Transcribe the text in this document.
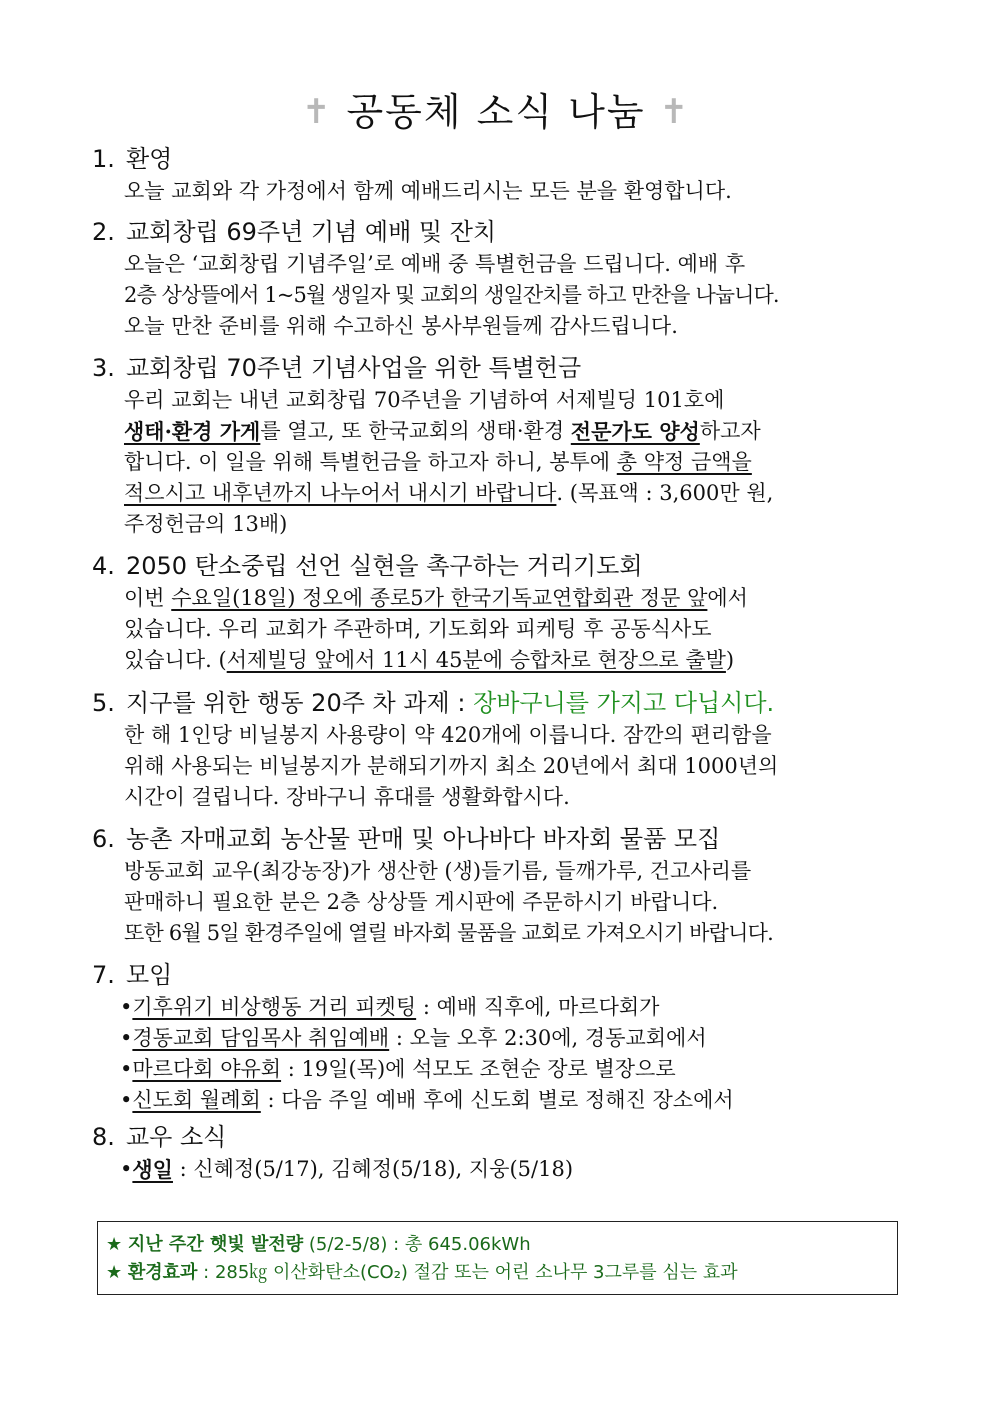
✝ 공동체 소식 나눔 ✝
1. 환영
오늘 교회와 각 가정에서 함께 예배드리시는 모든 분을 환영합니다.
2. 교회창립 69주년 기념 예배 및 잔치
오늘은 ‘교회창립 기념주일’로 예배 중 특별헌금을 드립니다. 예배 후
2층 상상뜰에서 1~5월 생일자 및 교회의 생일잔치를 하고 만찬을 나눕니다.
오늘 만찬 준비를 위해 수고하신 봉사부원들께 감사드립니다.
3. 교회창립 70주년 기념사업을 위한 특별헌금
우리 교회는 내년 교회창립 70주년을 기념하여 서제빌딩 101호에
생태·환경 가게 를 열고, 또 한국교회의 생태·환경 전문가도 양성 하고자
합니다. 이 일을 위해 특별헌금을 하고자 하니, 봉투에 총 약정 금액을
적으시고 내후년까지 나누어서 내시기 바랍니다 . (목표액 : 3,600만 원,
주정헌금의 13배)
4. 2050 탄소중립 선언 실현을 촉구하는 거리기도회
이번 수요일(18일) 정오에 종로5가 한국기독교연합회관 정문 앞 에서
있습니다. 우리 교회가 주관하며, 기도회와 피케팅 후 공동식사도
있습니다. ( 서제빌딩 앞에서 11시 45분에 승합차로 현장으로 출발 )
5. 지구를 위한 행동 20주 차 과제 : 장바구니를 가지고 다닙시다.
한 해 1인당 비닐봉지 사용량이 약 420개에 이릅니다. 잠깐의 편리함을
위해 사용되는 비닐봉지가 분해되기까지 최소 20년에서 최대 1000년의
시간이 걸립니다. 장바구니 휴대를 생활화합시다.
6. 농촌 자매교회 농산물 판매 및 아나바다 바자회 물품 모집
방동교회 교우(최강농장)가 생산한 (생)들기름, 들깨가루, 건고사리를
판매하니 필요한 분은 2층 상상뜰 게시판에 주문하시기 바랍니다.
또한 6월 5일 환경주일에 열릴 바자회 물품을 교회로 가져오시기 바랍니다.
7. 모임
• 기후위기 비상행동 거리 피켓팅 : 예배 직후에, 마르다회가
• 경동교회 담임목사 취임예배 : 오늘 오후 2:30에, 경동교회에서
• 마르다회 야유회 : 19일(목)에 석모도 조현순 장로 별장으로
• 신도회 월례회 : 다음 주일 예배 후에 신도회 별로 정해진 장소에서
8. 교우 소식
• 생일 : 신혜정(5/17), 김혜정(5/18), 지웅(5/18)
★ 지난 주간 햇빛 발전량 (5/2-5/8) : 총 645.06kWh
★ 환경효과 : 285㎏ 이산화탄소(CO₂) 절감 또는 어린 소나무 3그루를 심는 효과
